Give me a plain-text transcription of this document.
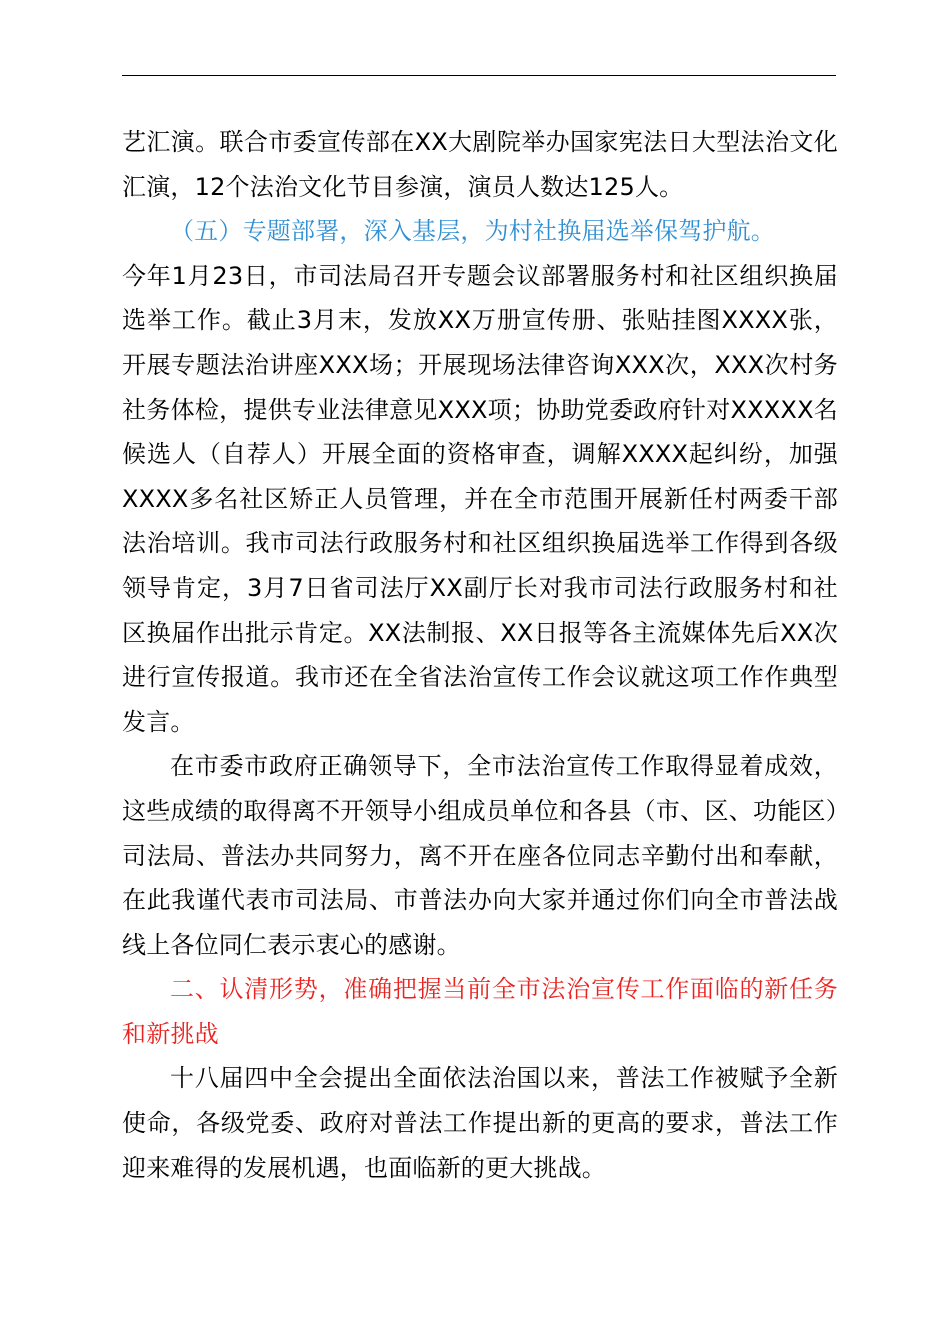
艺汇演。联合市委宣传部在XX大剧院举办国家宪法日大型法治文化汇演，12个法治文化节目参演，演员人数达125人。

（五）专题部署，深入基层，为村社换届选举保驾护航。
今年1月23日，市司法局召开专题会议部署服务村和社区组织换届选举工作。截止3月末，发放XX万册宣传册、张贴挂图XXXX张，开展专题法治讲座XXX场；开展现场法律咨询XXX次，XXX次村务社务体检，提供专业法律意见XXX项；协助党委政府针对XXXXX名候选人（自荐人）开展全面的资格审查，调解XXXX起纠纷，加强XXXX多名社区矫正人员管理，并在全市范围开展新任村两委干部法治培训。我市司法行政服务村和社区组织换届选举工作得到各级领导肯定，3月7日省司法厅XX副厅长对我市司法行政服务村和社区换届作出批示肯定。XX法制报、XX日报等各主流媒体先后XX次进行宣传报道。我市还在全省法治宣传工作会议就这项工作作典型发言。

在市委市政府正确领导下，全市法治宣传工作取得显着成效，这些成绩的取得离不开领导小组成员单位和各县（市、区、功能区）司法局、普法办共同努力，离不开在座各位同志辛勤付出和奉献，在此我谨代表市司法局、市普法办向大家并通过你们向全市普法战线上各位同仁表示衷心的感谢。

二、认清形势，准确把握当前全市法治宣传工作面临的新任务和新挑战

十八届四中全会提出全面依法治国以来，普法工作被赋予全新使命，各级党委、政府对普法工作提出新的更高的要求，普法工作迎来难得的发展机遇，也面临新的更大挑战。
